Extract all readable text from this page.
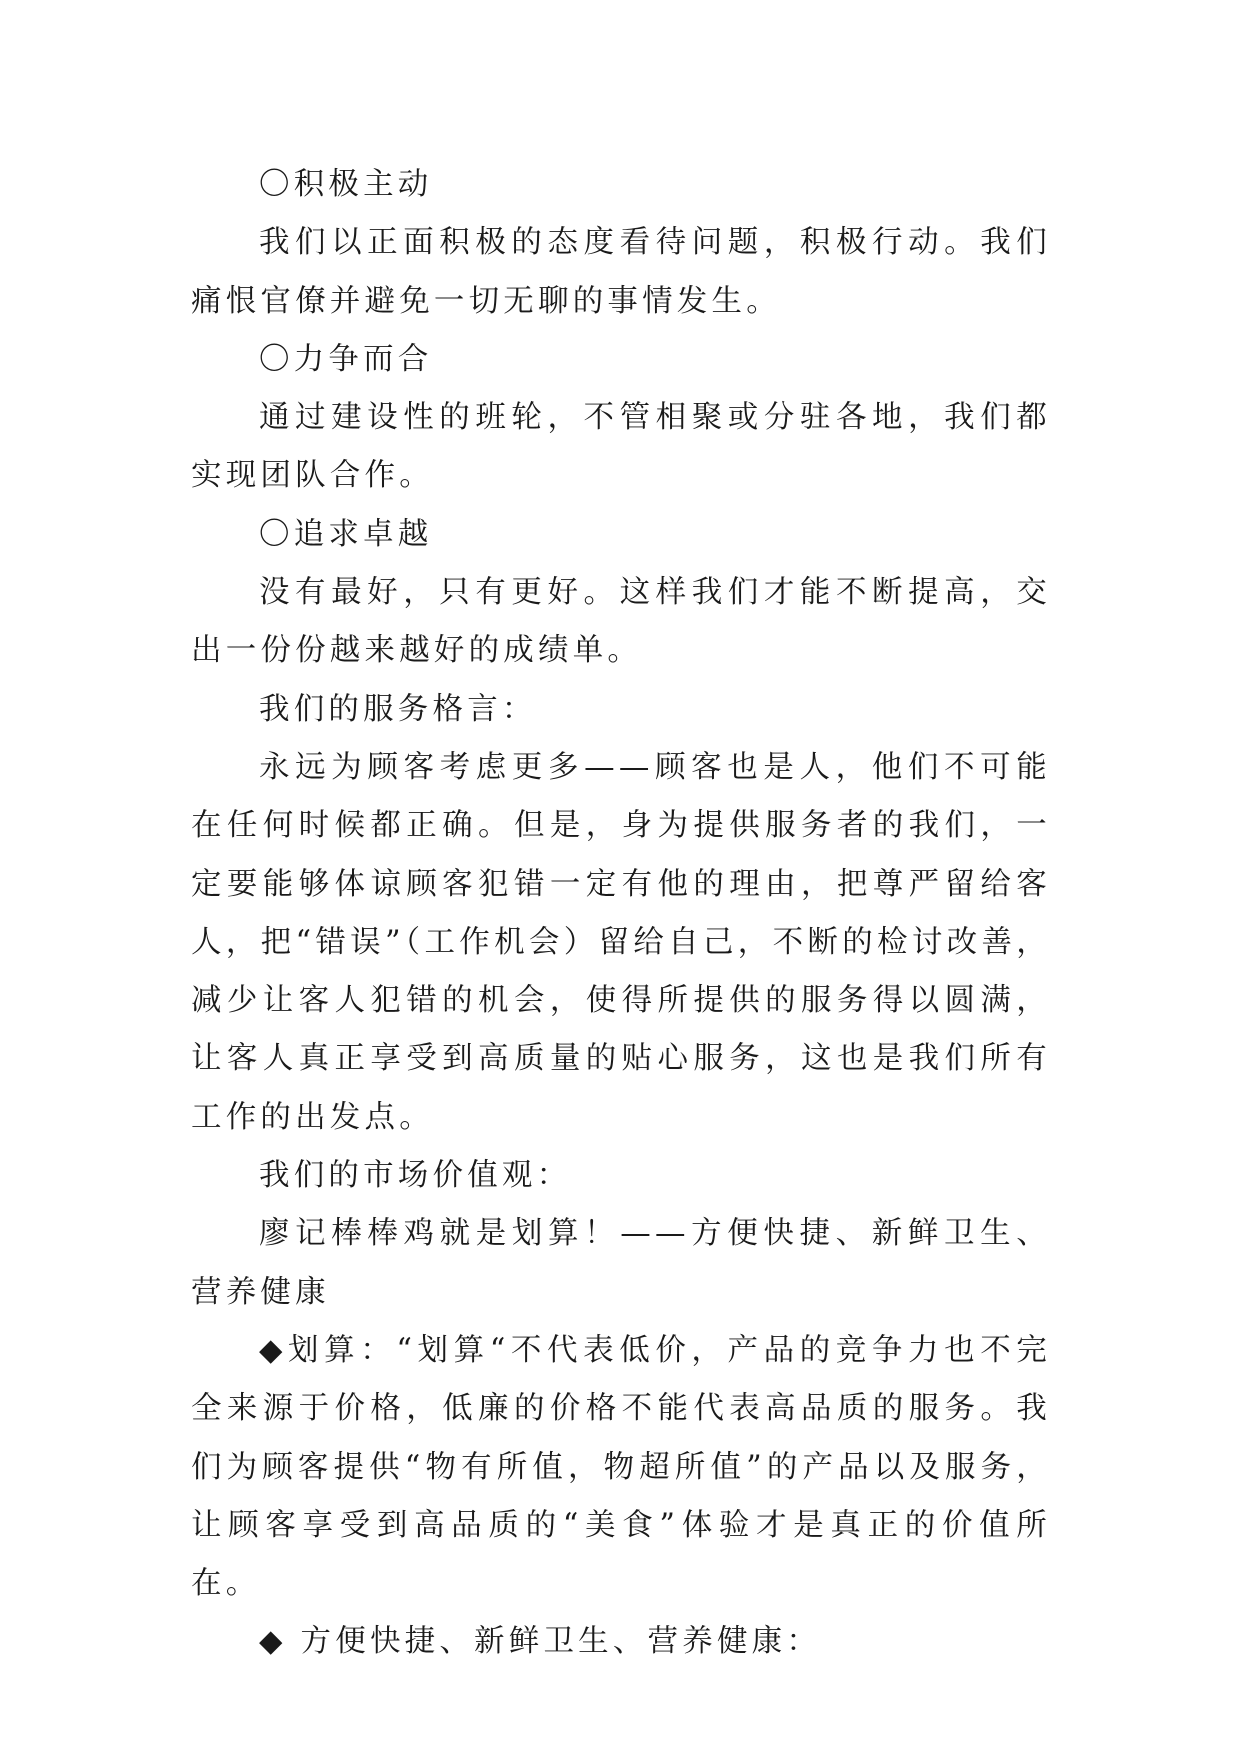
〇积极主动

我们以正面积极的态度看待问题，积极行动。我们痛恨官僚并避免一切无聊的事情发生。

〇力争而合

通过建设性的班轮，不管相聚或分驻各地，我们都实现团队合作。

〇追求卓越

没有最好，只有更好。这样我们才能不断提高，交出一份份越来越好的成绩单。

我们的服务格言：

永远为顾客考虑更多——顾客也是人，他们不可能在任何时候都正确。但是，身为提供服务者的我们，一定要能够体谅顾客犯错一定有他的理由，把尊严留给客人，把“错误”（工作机会）留给自己，不断的检讨改善，减少让客人犯错的机会，使得所提供的服务得以圆满，让客人真正享受到高质量的贴心服务，这也是我们所有工作的出发点。

我们的市场价值观：

廖记棒棒鸡就是划算！——方便快捷、新鲜卫生、营养健康

◆划算：“划算“不代表低价，产品的竞争力也不完全来源于价格，低廉的价格不能代表高品质的服务。我们为顾客提供“物有所值，物超所值”的产品以及服务，让顾客享受到高品质的“美食”体验才是真正的价值所在。

◆ 方便快捷、新鲜卫生、营养健康：
